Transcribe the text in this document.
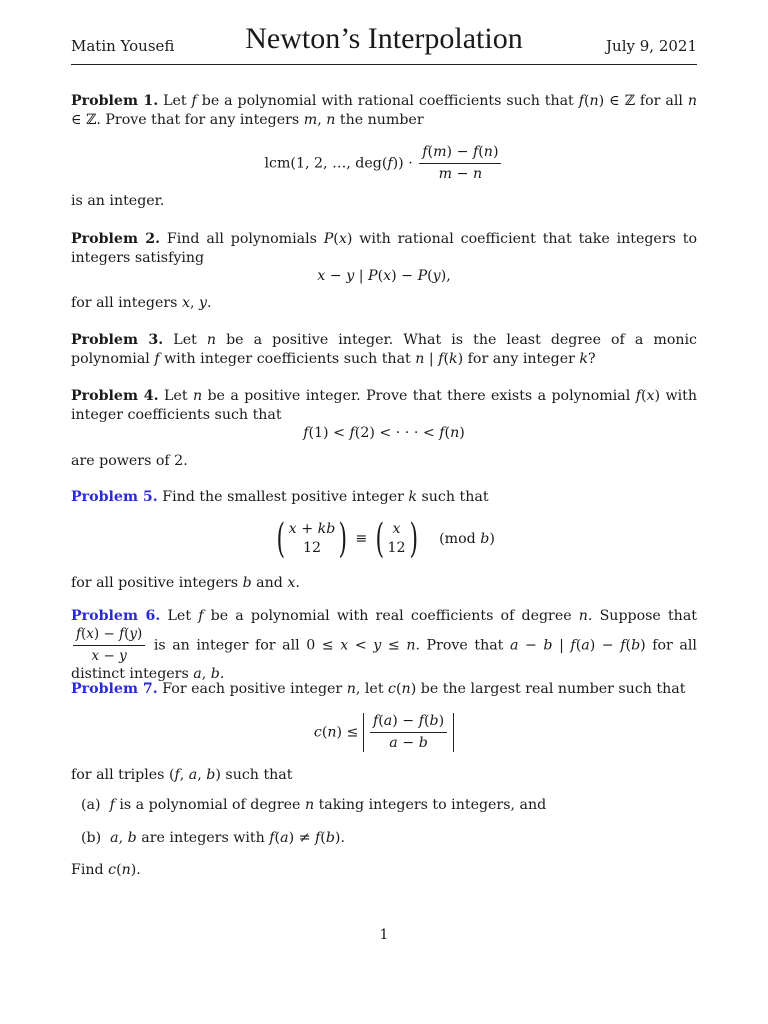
Matin Yousefi	Newton’s Interpolation	July 9, 2021
Problem 1. Let f be a polynomial with rational coefficients such that f(n) ∈ ℤ for all n ∈ ℤ. Prove that for any integers m, n the number
lcm(1, 2, …, $deg(f)) \cdot \frac{f(m) - f(n)}{m - n}$
is an integer.
Problem 2. Find all polynomials P(x) with rational coefficient that take integers to integers satisfying
x − y | P(x) − P(y),
for all integers x, y.
Problem 3. Let n be a positive integer. What is the least degree of a monic polynomial f with integer coefficients such that n | f(k) for any integer k?
Problem 4. Let n be a positive integer. Prove that there exists a polynomial f(x) with integer coefficients such that
f(1) < f(2) < · · · < f(n)
are powers of 2.
Problem 5. Find the smallest positive integer k such that
( x + kb
12 ) ≡ ( x
12 ) (mod b)
for all positive integers b and x.
Problem 6. Let f be a polynomial with real coefficients of degree n. Suppose that
$\frac{f(x) - f(y)}{x - y}$ is an integer for all 0 ≤ x < y ≤ n. Prove that a − b | f(a) − f(b) for all distinct integers a, b.
Problem 7. For each positive integer n, let c(n) be the largest real number such that
$c(n) \le \frac{f(a) - f(b)}{a - b}$
for all triples (f, a, b) such that
(a)  f is a polynomial of degree n taking integers to integers, and
(b)  a, b are integers with f(a) ≠ f(b).
Find c(n).
1
